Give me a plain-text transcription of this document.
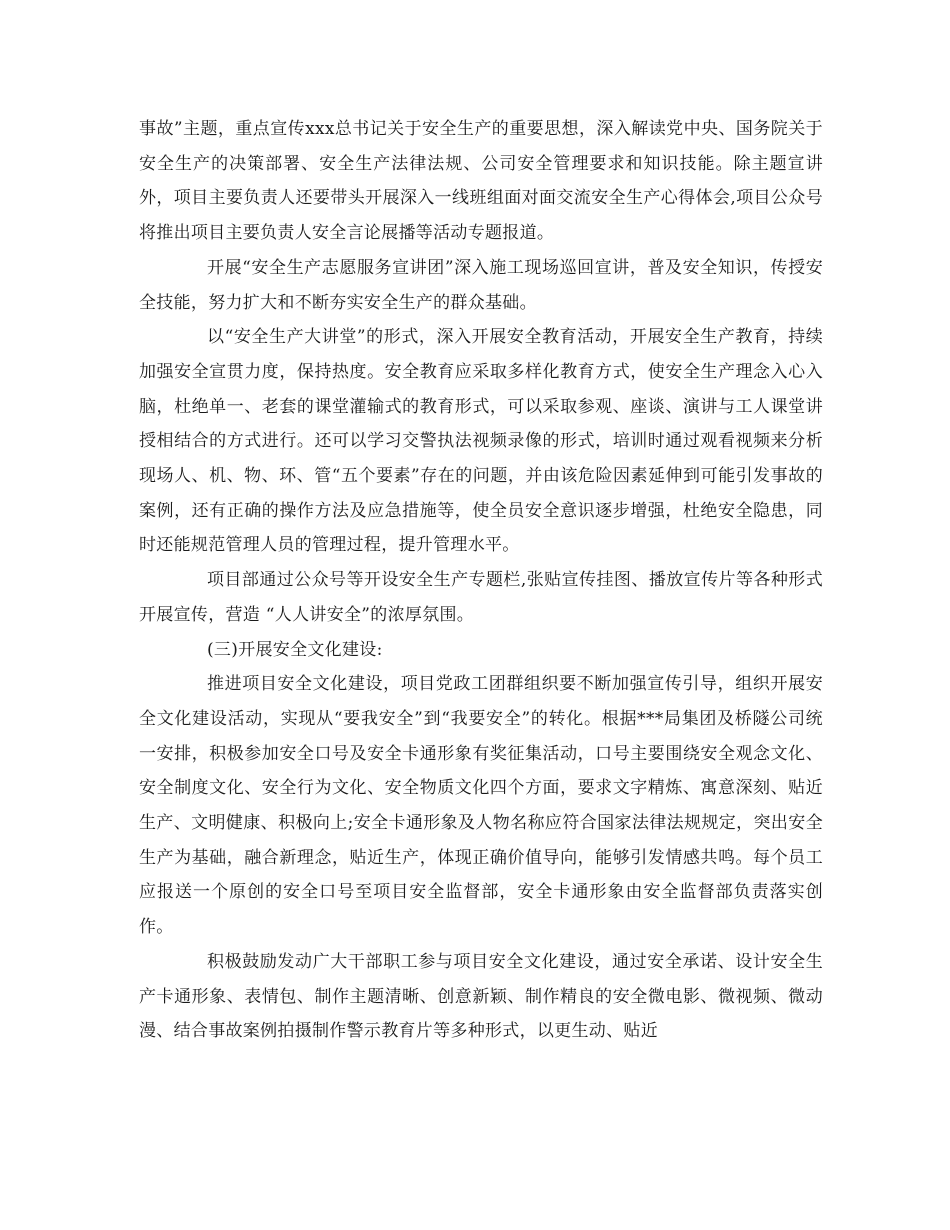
事故”主题，重点宣传xxx总书记关于安全生产的重要思想，深入解读党中央、国务院关于安全生产的决策部署、安全生产法律法规、公司安全管理要求和知识技能。除主题宣讲外，项目主要负责人还要带头开展深入一线班组面对面交流安全生产心得体会,项目公众号将推出项目主要负责人安全言论展播等活动专题报道。

开展“安全生产志愿服务宣讲团”深入施工现场巡回宣讲，普及安全知识，传授安全技能，努力扩大和不断夯实安全生产的群众基础。

以“安全生产大讲堂”的形式，深入开展安全教育活动，开展安全生产教育，持续加强安全宣贯力度，保持热度。安全教育应采取多样化教育方式，使安全生产理念入心入脑，杜绝单一、老套的课堂灌输式的教育形式，可以采取参观、座谈、演讲与工人课堂讲授相结合的方式进行。还可以学习交警执法视频录像的形式，培训时通过观看视频来分析现场人、机、物、环、管“五个要素”存在的问题，并由该危险因素延伸到可能引发事故的案例，还有正确的操作方法及应急措施等，使全员安全意识逐步增强，杜绝安全隐患，同时还能规范管理人员的管理过程，提升管理水平。

项目部通过公众号等开设安全生产专题栏,张贴宣传挂图、播放宣传片等各种形式开展宣传，营造 “人人讲安全”的浓厚氛围。

(三)开展安全文化建设:

推进项目安全文化建设，项目党政工团群组织要不断加强宣传引导，组织开展安全文化建设活动，实现从“要我安全”到“我要安全”的转化。根据***局集团及桥隧公司统一安排，积极参加安全口号及安全卡通形象有奖征集活动，口号主要围绕安全观念文化、安全制度文化、安全行为文化、安全物质文化四个方面，要求文字精炼、寓意深刻、贴近生产、文明健康、积极向上;安全卡通形象及人物名称应符合国家法律法规规定，突出安全生产为基础，融合新理念，贴近生产，体现正确价值导向，能够引发情感共鸣。每个员工应报送一个原创的安全口号至项目安全监督部，安全卡通形象由安全监督部负责落实创作。

积极鼓励发动广大干部职工参与项目安全文化建设，通过安全承诺、设计安全生产卡通形象、表情包、制作主题清晰、创意新颖、制作精良的安全微电影、微视频、微动漫、结合事故案例拍摄制作警示教育片等多种形式，以更生动、贴近
